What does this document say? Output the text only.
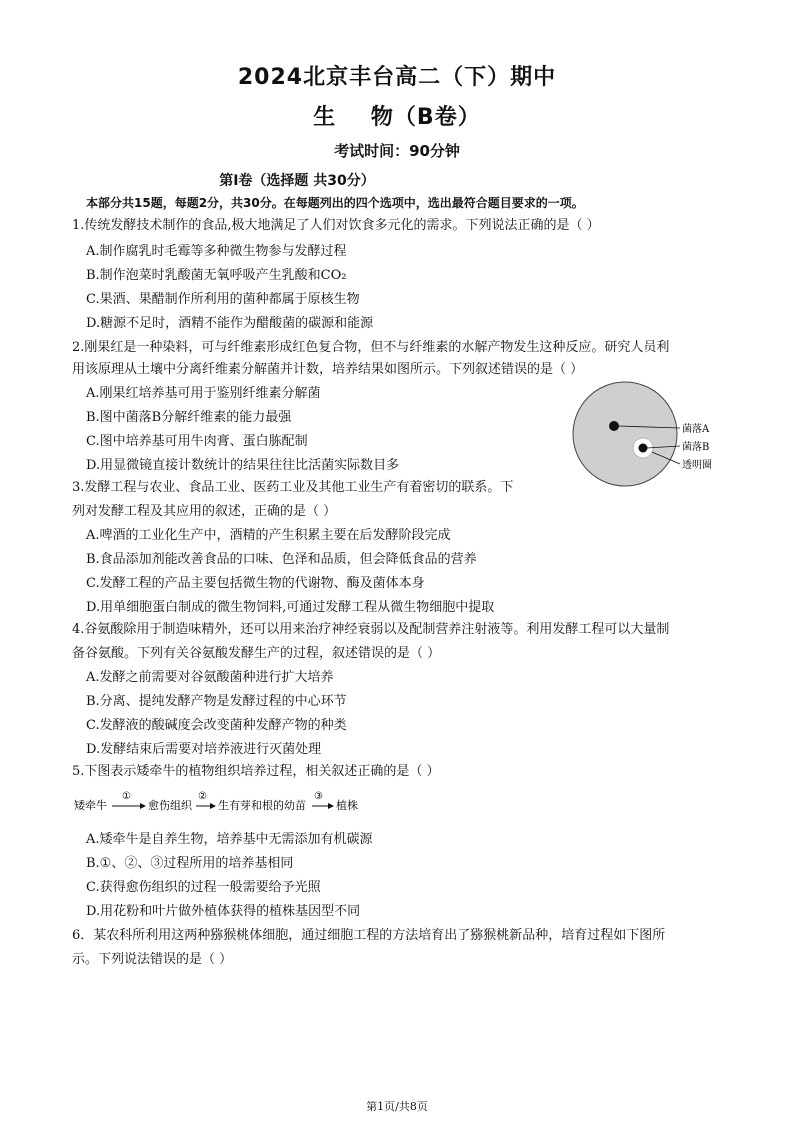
2024北京丰台高二（下）期中
生    物（B卷）
考试时间：90分钟
第Ⅰ卷（选择题 共30分）
本部分共15题，每题2分，共30分。在每题列出的四个选项中，选出最符合题目要求的一项。
1.传统发酵技术制作的食品,极大地满足了人们对饮食多元化的需求。下列说法正确的是（ ）
A.制作腐乳时毛霉等多种微生物参与发酵过程
B.制作泡菜时乳酸菌无氧呼吸产生乳酸和CO₂
C.果酒、果醋制作所利用的菌种都属于原核生物
D.糖源不足时，酒精不能作为醋酸菌的碳源和能源
2.刚果红是一种染料，可与纤维素形成红色复合物，但不与纤维素的水解产物发生这种反应。研究人员利
用该原理从土壤中分离纤维素分解菌并计数，培养结果如图所示。下列叙述错误的是（ ）
A.刚果红培养基可用于鉴别纤维素分解菌
B.图中菌落B分解纤维素的能力最强
C.图中培养基可用牛肉膏、蛋白胨配制
D.用显微镜直接计数统计的结果往往比活菌实际数目多
菌落A
菌落B
透明圈
3.发酵工程与农业、食品工业、医药工业及其他工业生产有着密切的联系。下
列对发酵工程及其应用的叙述，正确的是（ ）
A.啤酒的工业化生产中，酒精的产生积累主要在后发酵阶段完成
B.食品添加剂能改善食品的口味、色泽和品质，但会降低食品的营养
C.发酵工程的产品主要包括微生物的代谢物、酶及菌体本身
D.用单细胞蛋白制成的微生物饲料,可通过发酵工程从微生物细胞中提取
4.谷氨酸除用于制造味精外，还可以用来治疗神经衰弱以及配制营养注射液等。利用发酵工程可以大量制
备谷氨酸。下列有关谷氨酸发酵生产的过程，叙述错误的是（ ）
A.发酵之前需要对谷氨酸菌种进行扩大培养
B.分离、提纯发酵产物是发酵过程的中心环节
C.发酵液的酸碱度会改变菌种发酵产物的种类
D.发酵结束后需要对培养液进行灭菌处理
5.下图表示矮牵牛的植物组织培养过程，相关叙述正确的是（ ）
矮牵牛
①
愈伤组织
②
生有芽和根的幼苗
③
植株
A.矮牵牛是自养生物，培养基中无需添加有机碳源
B.①、②、③过程所用的培养基相同
C.获得愈伤组织的过程一般需要给予光照
D.用花粉和叶片做外植体获得的植株基因型不同
6．某农科所利用这两种猕猴桃体细胞，通过细胞工程的方法培育出了猕猴桃新品种，培育过程如下图所
示。下列说法错误的是（ ）
第1页/共8页
